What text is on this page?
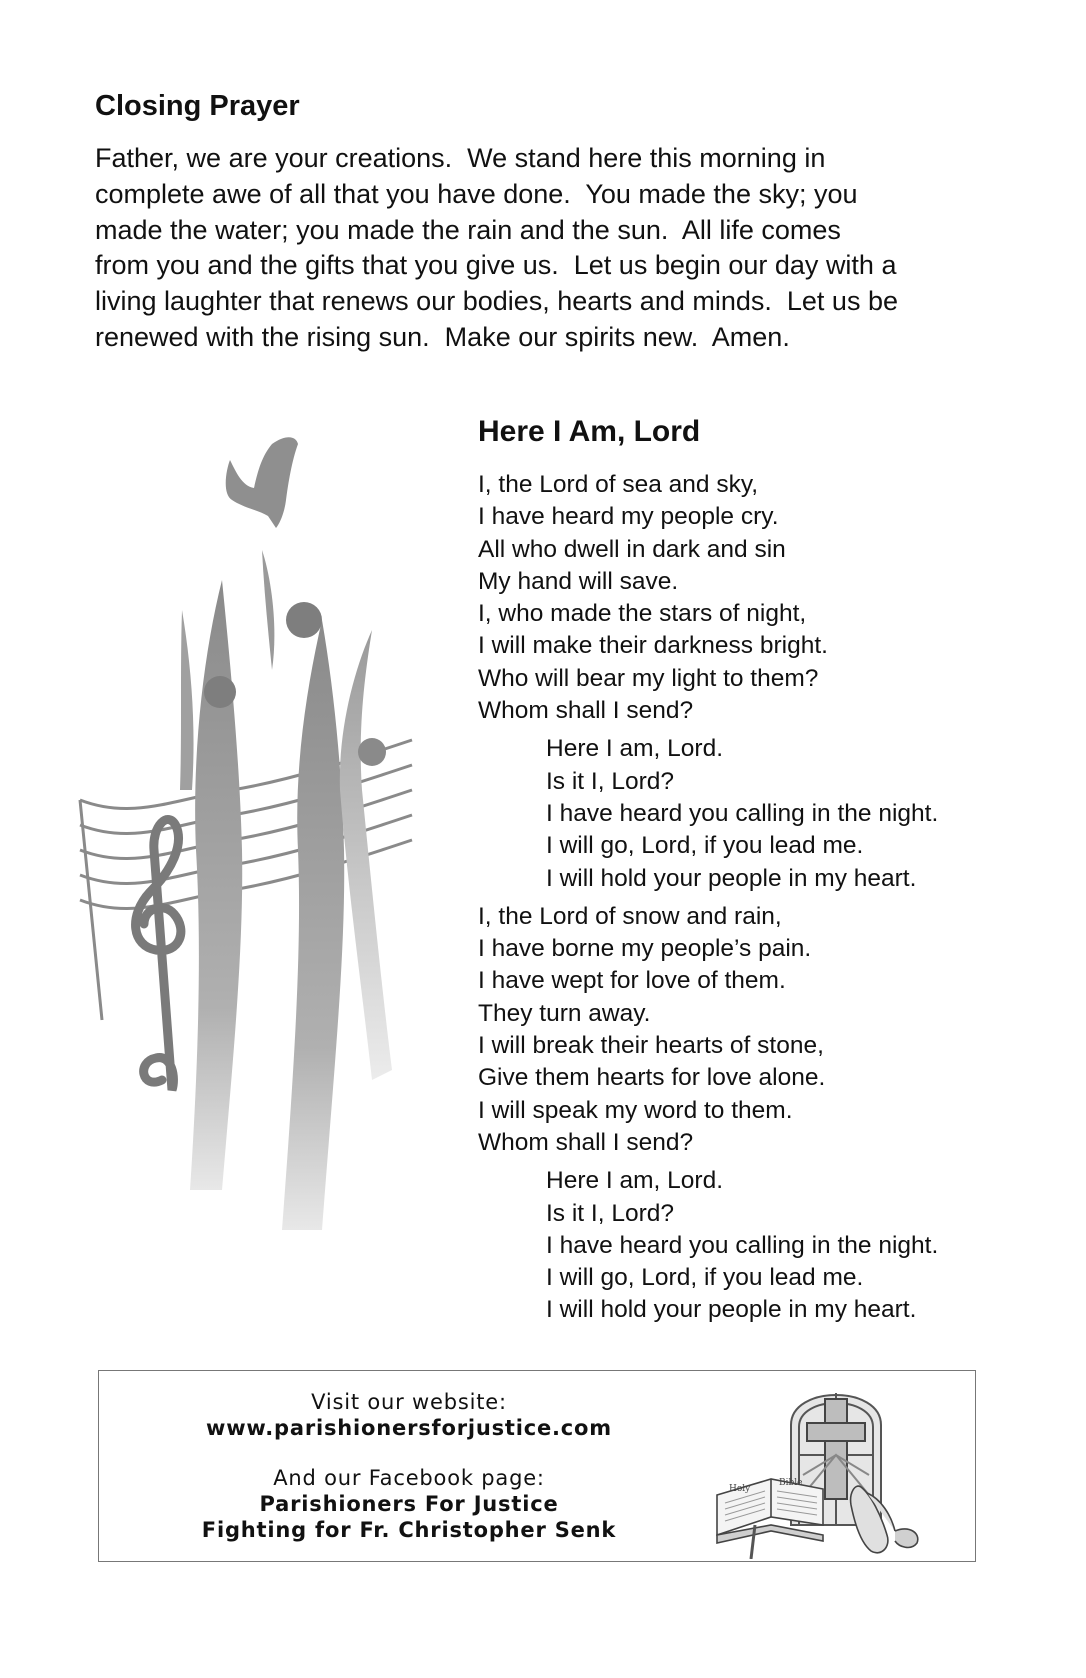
Closing Prayer
Father, we are your creations.  We stand here this morning in
complete awe of all that you have done.  You made the sky; you
made the water; you made the rain and the sun.  All life comes
from you and the gifts that you give us.  Let us begin our day with a
living laughter that renews our bodies, hearts and minds.  Let us be
renewed with the rising sun.  Make our spirits new.  Amen.
Here I Am, Lord
I, the Lord of sea and sky,
I have heard my people cry.
All who dwell in dark and sin
My hand will save.
I, who made the stars of night,
I will make their darkness bright.
Who will bear my light to them?
Whom shall I send?
Here I am, Lord.
Is it I, Lord?
I have heard you calling in the night.
I will go, Lord, if you lead me.
I will hold your people in my heart.
I, the Lord of snow and rain,
I have borne my people’s pain.
I have wept for love of them.
They turn away.
I will break their hearts of stone,
Give them hearts for love alone.
I will speak my word to them.
Whom shall I send?
Here I am, Lord.
Is it I, Lord?
I have heard you calling in the night.
I will go, Lord, if you lead me.
I will hold your people in my heart.
Visit our website:
www.parishionersforjustice.com
And our Facebook page:
Parishioners For Justice
Fighting for Fr. Christopher Senk
Holy
Bible
